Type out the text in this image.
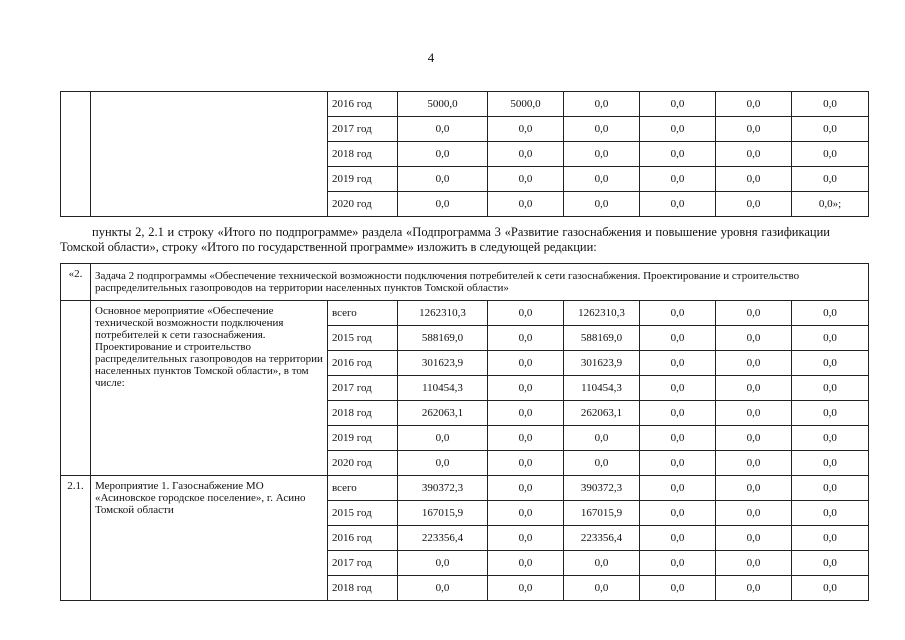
4
		2016 год	5000,0	5000,0	0,0	0,0	0,0	0,0
		2017 год	0,0	0,0	0,0	0,0	0,0	0,0
		2018 год	0,0	0,0	0,0	0,0	0,0	0,0
		2019 год	0,0	0,0	0,0	0,0	0,0	0,0
		2020 год	0,0	0,0	0,0	0,0	0,0	0,0»;
пункты 2, 2.1 и строку «Итого по подпрограмме» раздела «Подпрограмма 3 «Развитие газоснабжения и повышение уровня газификации Томской области», строку «Итого по государственной программе» изложить в следующей редакции:
«2.	Задача 2 подпрограммы «Обеспечение технической возможности подключения потребителей к сети газоснабжения. Проектирование и строительство распределительных газопроводов на территории населенных пунктов Томской области»							

	Основное мероприятие «Обеспечение технической возможности подключения потребителей к сети газоснабжения. Проектирование и строительство распределительных газопроводов на территории населенных пунктов Томской области», в том числе:	всего	1262310,3	0,0	1262310,3	0,0	0,0	0,0
		2015 год	588169,0	0,0	588169,0	0,0	0,0	0,0
		2016 год	301623,9	0,0	301623,9	0,0	0,0	0,0
		2017 год	110454,3	0,0	110454,3	0,0	0,0	0,0
		2018 год	262063,1	0,0	262063,1	0,0	0,0	0,0
		2019 год	0,0	0,0	0,0	0,0	0,0	0,0
		2020 год	0,0	0,0	0,0	0,0	0,0	0,0
2.1.	Мероприятие 1. Газоснабжение МО «Асиновское городское поселение», г. Асино Томской области	всего	390372,3	0,0	390372,3	0,0	0,0	0,0
		2015 год	167015,9	0,0	167015,9	0,0	0,0	0,0
		2016 год	223356,4	0,0	223356,4	0,0	0,0	0,0
		2017 год	0,0	0,0	0,0	0,0	0,0	0,0
		2018 год	0,0	0,0	0,0	0,0	0,0	0,0
